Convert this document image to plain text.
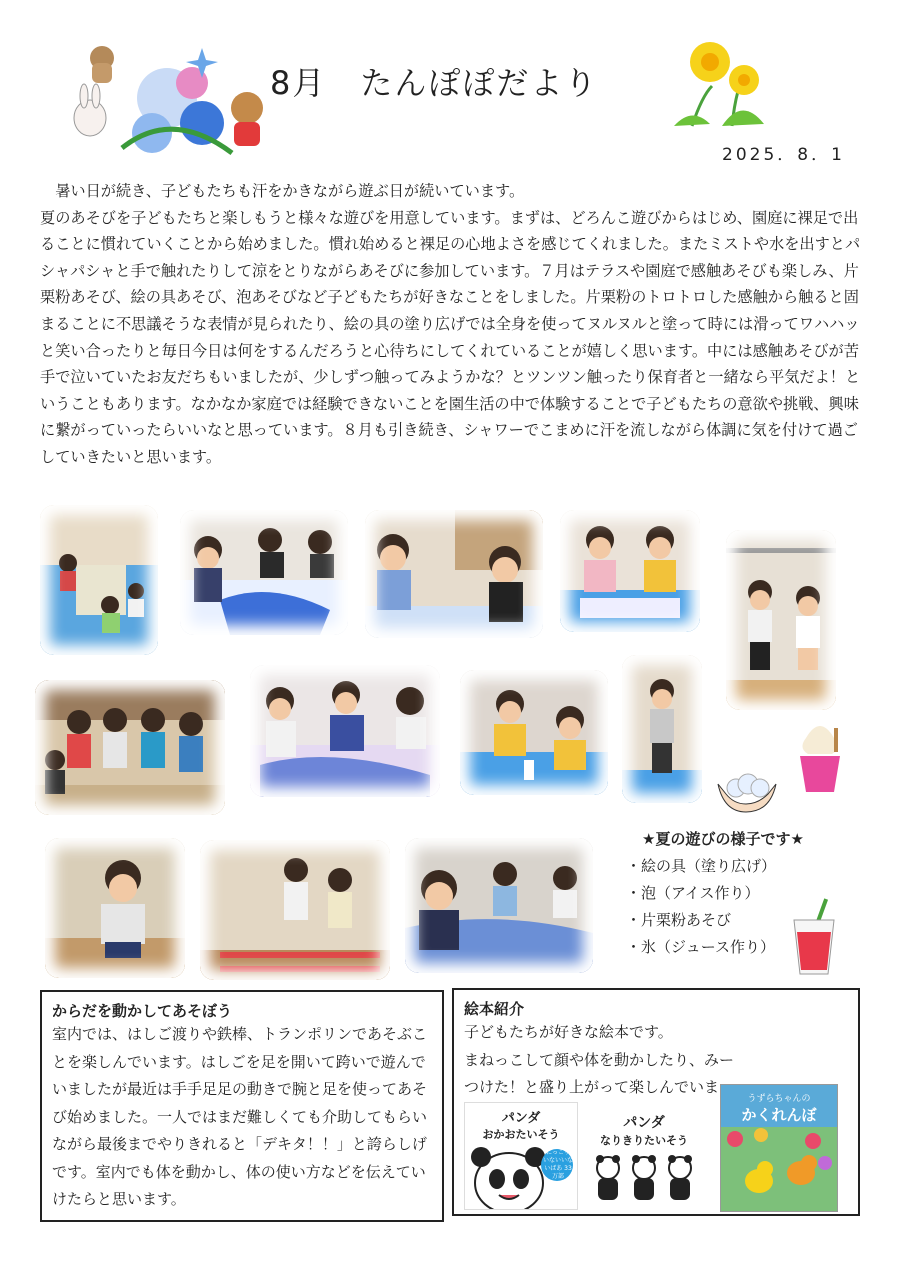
8月　たんぽぽだより
2025．8．1

暑い日が続き、子どもたちも汗をかきながら遊ぶ日が続いています。

夏のあそびを子どもたちと楽しもうと様々な遊びを用意しています。まずは、どろんこ遊びからはじめ、園庭に裸足で出ることに慣れていくことから始めました。慣れ始めると裸足の心地よさを感じてくれました。またミストや水を出すとパシャパシャと手で触れたりして涼をとりながらあそびに参加しています。７月はテラスや園庭で感触あそびも楽しみ、片栗粉あそび、絵の具あそび、泡あそびなど子どもたちが好きなことをしました。片栗粉のトロトロした感触から触ると固まることに不思議そうな表情が見られたり、絵の具の塗り広げでは全身を使ってヌルヌルと塗って時には滑ってワハハッと笑い合ったりと毎日今日は何をするんだろうと心待ちにしてくれていることが嬉しく思います。中には感触あそびが苦手で泣いていたお友だちもいましたが、少しずつ触ってみようかな？とツンツン触ったり保育者と一緒なら平気だよ！ということもあります。なかなか家庭では経験できないことを園生活の中で体験することで子どもたちの意欲や挑戦、興味に繋がっていったらいいなと思っています。８月も引き続き、シャワーでこまめに汗を流しながら体調に気を付けて過ごしていきたいと思います。

★夏の遊びの様子です★
・絵の具（塗り広げ）
・泡（アイス作り）
・片栗粉あそび
・氷（ジュース作り）
からだを動かしてあそぼう
室内では、はしご渡りや鉄棒、トランポリンであそぶことを楽しんでいます。はしごを足を開いて跨いで遊んでいましたが最近は手手足足の動きで腕と足を使ってあそび始めました。一人ではまだ難しくても介助してもらいながら最後までやりきれると「デキタ！！」と誇らしげです。室内でも体を動かし、体の使い方などを伝えていけたらと思います。
絵本紹介
子どもたちが好きな絵本です。
まねっこして顔や体を動かしたり、みーつけた！と盛り上がって楽しんでいま
パンダ
おかおたいそう
にっこり いないいないばあ 33万部
パンダ
なりきりたいそう
うずらちゃんの
かくれんぼ
